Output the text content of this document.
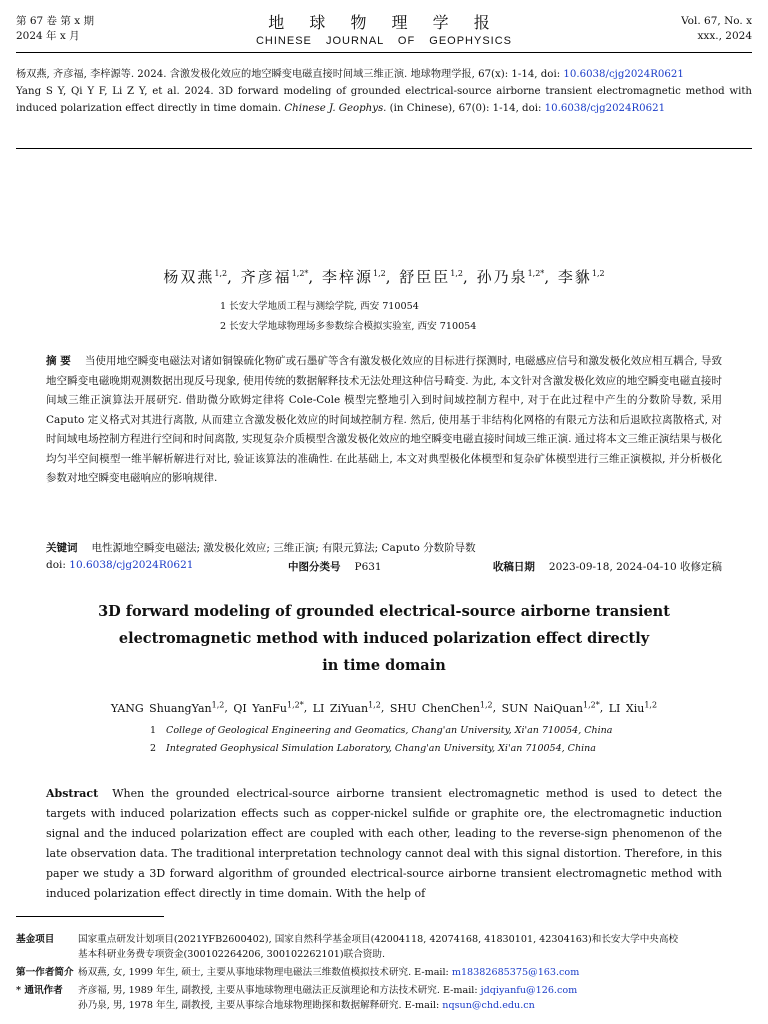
第 67 卷 第 x 期
2024 年 x 月
地 球 物 理 学 报
CHINESE JOURNAL OF GEOPHYSICS
Vol. 67, No. x
xxx., 2024
杨双燕, 齐彦福, 李梓源等. 2024. 含激发极化效应的地空瞬变电磁直接时间域三维正演. 地球物理学报, 67(x): 1-14, doi: 10.6038/cjg2024R0621
Yang S Y, Qi Y F, Li Z Y, et al. 2024. 3D forward modeling of grounded electrical-source airborne transient electromagnetic method with induced polarization effect directly in time domain. Chinese J. Geophys. (in Chinese), 67(0): 1-14, doi: 10.6038/cjg2024R0621
杨双燕$^{1,2}$, 齐彦福$^{1,2*}$, 李梓源$^{1,2}$, 舒臣臣$^{1,2}$, 孙乃泉$^{1,2*}$, 李貅$^{1,2}$
1 长安大学地质工程与测绘学院, 西安 710054
2 长安大学地球物理场多参数综合模拟实验室, 西安 710054
摘 要 当使用地空瞬变电磁法对诸如铜镍硫化物矿或石墨矿等含有激发极化效应的目标进行探测时, 电磁感应信号和激发极化效应相互耦合, 导致地空瞬变电磁晚期观测数据出现反号现象, 使用传统的数据解释技术无法处理这种信号畸变. 为此, 本文针对含激发极化效应的地空瞬变电磁直接时间域三维正演算法开展研究. 借助微分欧姆定律将 Cole-Cole 模型完整地引入到时间域控制方程中, 对于在此过程中产生的分数阶导数, 采用 Caputo 定义格式对其进行离散, 从而建立含激发极化效应的时间域控制方程. 然后, 使用基于非结构化网格的有限元方法和后退欧拉离散格式, 对时间域电场控制方程进行空间和时间离散, 实现复杂介质模型含激发极化效应的地空瞬变电磁直接时间域三维正演. 通过将本文三维正演结果与极化均匀半空间模型一维半解析解进行对比, 验证该算法的准确性. 在此基础上, 本文对典型极化体模型和复杂矿体模型进行三维正演模拟, 并分析极化参数对地空瞬变电磁响应的影响规律.
关键词 电性源地空瞬变电磁法; 激发极化效应; 三维正演; 有限元算法; Caputo 分数阶导数
doi: 10.6038/cjg2024R0621	中图分类号 P631	收稿日期 2023-09-18, 2024-04-10 收修定稿
3D forward modeling of grounded electrical-source airborne transient
electromagnetic method with induced polarization effect directly
in time domain
YANG ShuangYan$^{1,2}$, QI YanFu$^{1,2*}$, LI ZiYuan$^{1,2}$, SHU ChenChen$^{1,2}$, SUN NaiQuan$^{1,2*}$, LI Xiu$^{1,2}$
1 College of Geological Engineering and Geomatics, Chang'an University, Xi'an 710054, China
2 Integrated Geophysical Simulation Laboratory, Chang'an University, Xi'an 710054, China
Abstract When the grounded electrical-source airborne transient electromagnetic method is used to detect the targets with induced polarization effects such as copper-nickel sulfide or graphite ore, the electromagnetic induction signal and the induced polarization effect are coupled with each other, leading to the reverse-sign phenomenon of the late observation data. The traditional interpretation technology cannot deal with this signal distortion. Therefore, in this paper we study a 3D forward algorithm of grounded electrical-source airborne transient electromagnetic method with induced polarization effect directly in time domain. With the help of
基金项目 国家重点研发计划项目(2021YFB2600402), 国家自然科学基金项目(42004118, 42074168, 41830101, 42304163)和长安大学中央高校
基本科研业务费专项资金(300102264206, 300102262101)联合资助.
第一作者简介 杨双燕, 女, 1999 年生, 硕士, 主要从事地球物理电磁法三维数值模拟技术研究. E-mail: m18382685375@163.com
* 通讯作者 齐彦福, 男, 1989 年生, 副教授, 主要从事地球物理电磁法正反演理论和方法技术研究. E-mail: jdqiyanfu@126.com
孙乃泉, 男, 1978 年生, 副教授, 主要从事综合地球物理勘探和数据解释研究. E-mail: nqsun@chd.edu.cn
